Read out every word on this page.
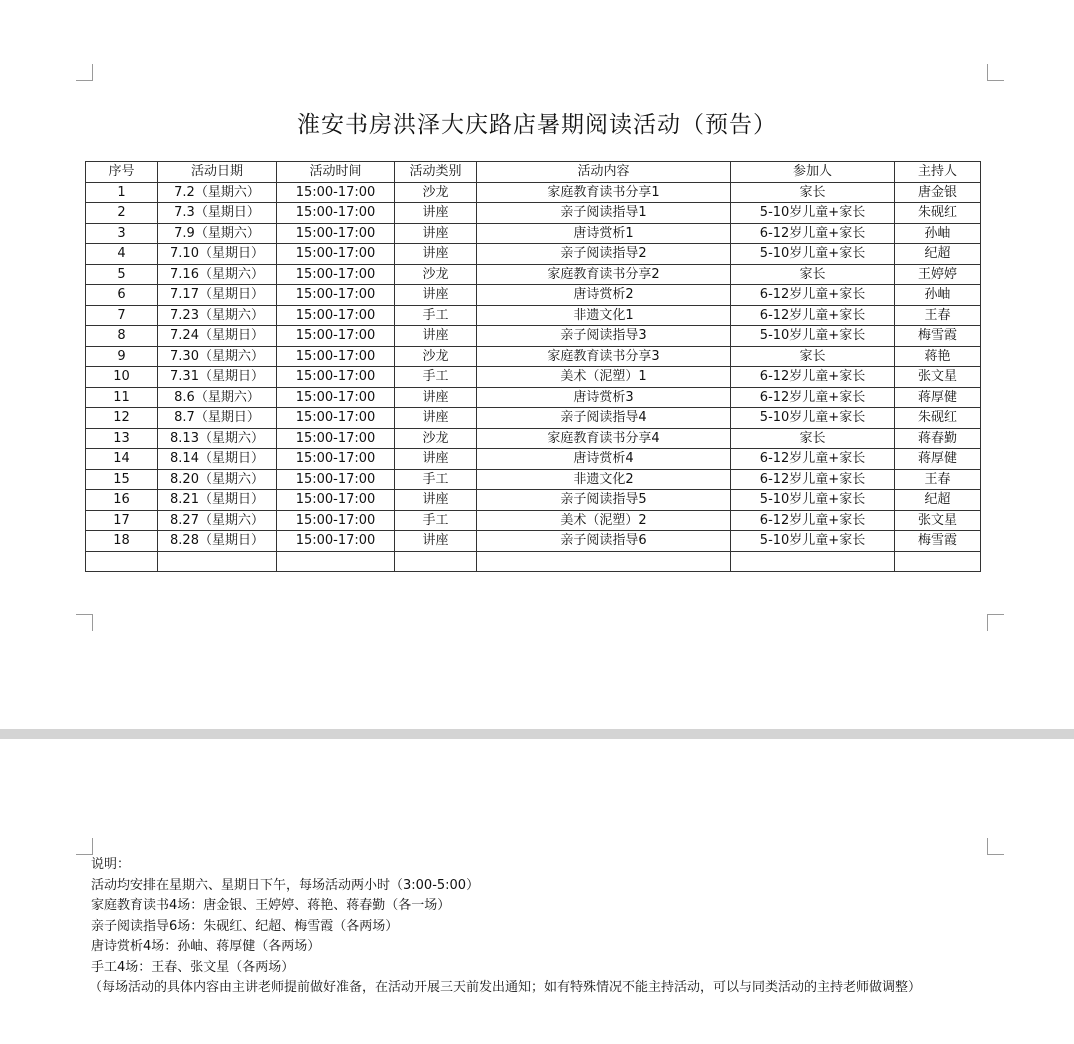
淮安书房洪泽大庆路店暑期阅读活动（预告）
序号	活动日期	活动时间	活动类别	活动内容	参加人	主持人
1	7.2（星期六）	15:00-17:00	沙龙	家庭教育读书分享1	家长	唐金银
2	7.3（星期日）	15:00-17:00	讲座	亲子阅读指导1	5-10岁儿童+家长	朱砚红
3	7.9（星期六）	15:00-17:00	讲座	唐诗赏析1	6-12岁儿童+家长	孙岫
4	7.10（星期日）	15:00-17:00	讲座	亲子阅读指导2	5-10岁儿童+家长	纪超
5	7.16（星期六）	15:00-17:00	沙龙	家庭教育读书分享2	家长	王婷婷
6	7.17（星期日）	15:00-17:00	讲座	唐诗赏析2	6-12岁儿童+家长	孙岫
7	7.23（星期六）	15:00-17:00	手工	非遗文化1	6-12岁儿童+家长	王春
8	7.24（星期日）	15:00-17:00	讲座	亲子阅读指导3	5-10岁儿童+家长	梅雪霞
9	7.30（星期六）	15:00-17:00	沙龙	家庭教育读书分享3	家长	蒋艳
10	7.31（星期日）	15:00-17:00	手工	美术（泥塑）1	6-12岁儿童+家长	张文星
11	8.6（星期六）	15:00-17:00	讲座	唐诗赏析3	6-12岁儿童+家长	蒋厚健
12	8.7（星期日）	15:00-17:00	讲座	亲子阅读指导4	5-10岁儿童+家长	朱砚红
13	8.13（星期六）	15:00-17:00	沙龙	家庭教育读书分享4	家长	蒋春勤
14	8.14（星期日）	15:00-17:00	讲座	唐诗赏析4	6-12岁儿童+家长	蒋厚健
15	8.20（星期六）	15:00-17:00	手工	非遗文化2	6-12岁儿童+家长	王春
16	8.21（星期日）	15:00-17:00	讲座	亲子阅读指导5	5-10岁儿童+家长	纪超
17	8.27（星期六）	15:00-17:00	手工	美术（泥塑）2	6-12岁儿童+家长	张文星
18	8.28（星期日）	15:00-17:00	讲座	亲子阅读指导6	5-10岁儿童+家长	梅雪霞

说明：
活动均安排在星期六、星期日下午，每场活动两小时（3:00-5:00）
家庭教育读书4场：唐金银、王婷婷、蒋艳、蒋春勤（各一场）
亲子阅读指导6场：朱砚红、纪超、梅雪霞（各两场）
唐诗赏析4场：孙岫、蒋厚健（各两场）
手工4场：王春、张文星（各两场）
（每场活动的具体内容由主讲老师提前做好准备，在活动开展三天前发出通知；如有特殊情况不能主持活动，可以与同类活动的主持老师做调整）
